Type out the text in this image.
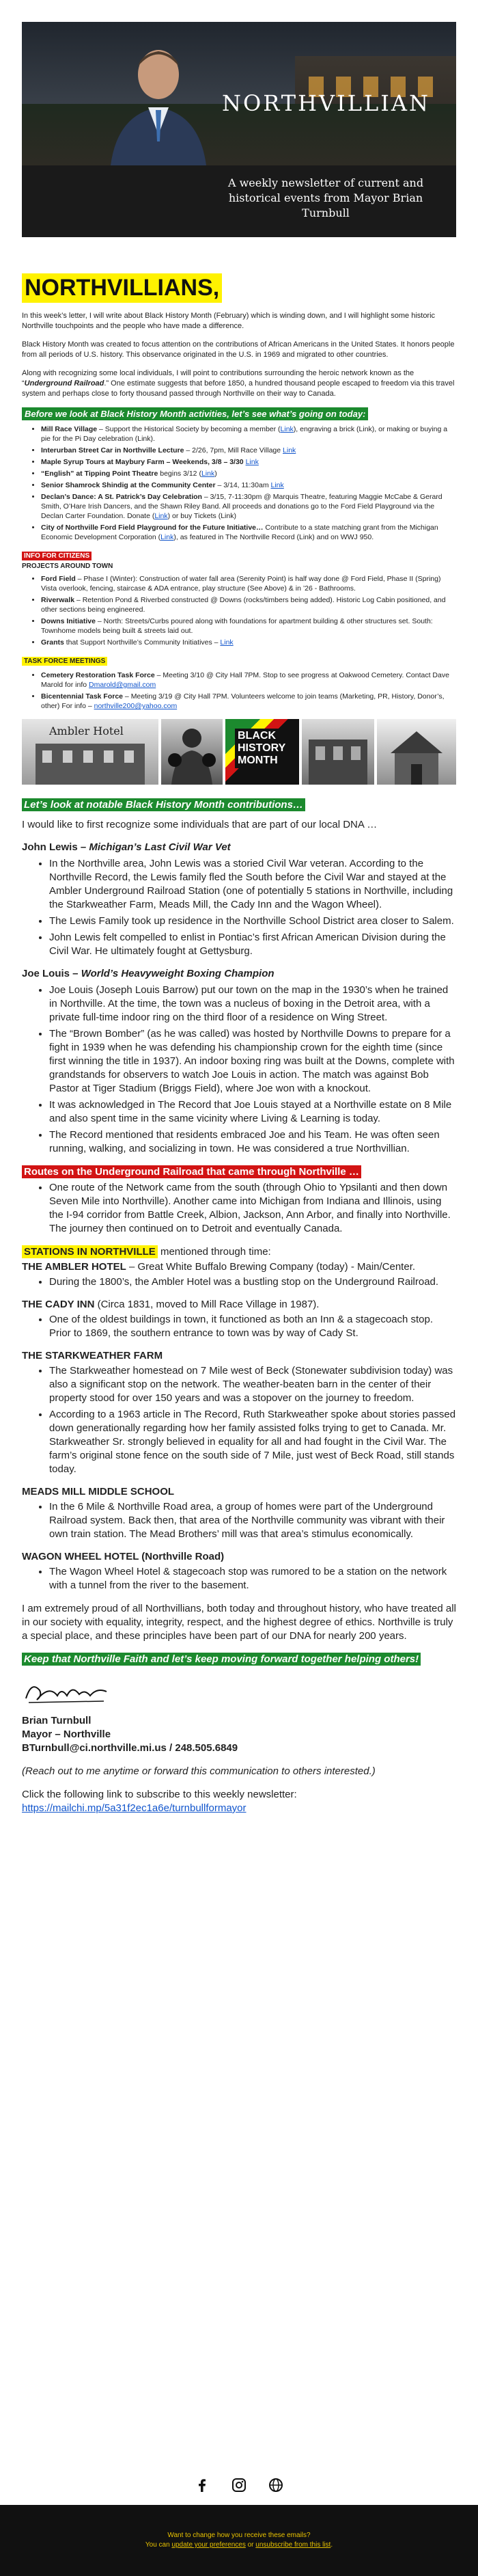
NORTHVILLIAN
A weekly newsletter of current and historical events from Mayor Brian Turnbull
NORTHVILLIANS,

In this week’s letter, I will write about Black History Month (February) which is winding down, and I will highlight some historic Northville touchpoints and the people who have made a difference.

Black History Month was created to focus attention on the contributions of African Americans in the United States. It honors people from all periods of U.S. history. This observance originated in the U.S. in 1969 and migrated to other countries.

Along with recognizing some local individuals, I will point to contributions surrounding the heroic network known as the “Underground Railroad.” One estimate suggests that before 1850, a hundred thousand people escaped to freedom via this travel system and perhaps close to forty thousand passed through Northville on their way to Canada.

Before we look at Black History Month activities, let’s see what’s going on today:
• Mill Race Village – Support the Historical Society by becoming a member (Link), engraving a brick (Link), or making or buying a pie for the Pi Day celebration (Link).
• Interurban Street Car in Northville Lecture – 2/26, 7pm, Mill Race Village Link
• Maple Syrup Tours at Maybury Farm – Weekends, 3/8 – 3/30 Link
• “English” at Tipping Point Theatre begins 3/12 (Link)
• Senior Shamrock Shindig at the Community Center – 3/14, 11:30am Link
• Declan’s Dance: A St. Patrick’s Day Celebration – 3/15, 7-11:30pm @ Marquis Theatre, featuring Maggie McCabe & Gerard Smith, O’Hare Irish Dancers, and the Shawn Riley Band. All proceeds and donations go to the Ford Field Playground via the Declan Carter Foundation. Donate (Link) or buy Tickets (Link)
• City of Northville Ford Field Playground for the Future Initiative… Contribute to a state matching grant from the Michigan Economic Development Corporation (Link), as featured in The Northville Record (Link) and on WWJ 950.
INFO FOR CITIZENS
PROJECTS AROUND TOWN
• Ford Field – Phase I (Winter): Construction of water fall area (Serenity Point) is half way done @ Ford Field, Phase II (Spring) Vista overlook, fencing, staircase & ADA entrance, play structure (See Above) & in ’26 - Bathrooms.
• Riverwalk – Retention Pond & Riverbed constructed @ Downs (rocks/timbers being added). Historic Log Cabin positioned, and other sections being engineered.
• Downs Initiative – North: Streets/Curbs poured along with foundations for apartment building & other structures set. South: Townhome models being built & streets laid out.
• Grants that Support Northville’s Community Initiatives – Link
TASK FORCE MEETINGS
• Cemetery Restoration Task Force – Meeting 3/10 @ City Hall 7PM. Stop to see progress at Oakwood Cemetery. Contact Dave Marold for info Dmarold@gmail.com
• Bicentennial Task Force – Meeting 3/19 @ City Hall 7PM. Volunteers welcome to join teams (Marketing, PR, History, Donor’s, other) For info – northville200@yahoo.com
Ambler Hotel	BLACK
HISTORY
MONTH
Let’s look at notable Black History Month contributions…

I would like to first recognize some individuals that are part of our local DNA …

John Lewis – Michigan’s Last Civil War Vet
• In the Northville area, John Lewis was a storied Civil War veteran. According to the Northville Record, the Lewis family fled the South before the Civil War and stayed at the Ambler Underground Railroad Station (one of potentially 5 stations in Northville, including the Starkweather Farm, Meads Mill, the Cady Inn and the Wagon Wheel).
• The Lewis Family took up residence in the Northville School District area closer to Salem.
• John Lewis felt compelled to enlist in Pontiac’s first African American Division during the Civil War. He ultimately fought at Gettysburg.
Joe Louis – World’s Heavyweight Boxing Champion
• Joe Louis (Joseph Louis Barrow) put our town on the map in the 1930’s when he trained in Northville. At the time, the town was a nucleus of boxing in the Detroit area, with a private full-time indoor ring on the third floor of a residence on Wing Street.
• The “Brown Bomber” (as he was called) was hosted by Northville Downs to prepare for a fight in 1939 when he was defending his championship crown for the eighth time (since first winning the title in 1937). An indoor boxing ring was built at the Downs, complete with grandstands for observers to watch Joe Louis in action. The match was against Bob Pastor at Tiger Stadium (Briggs Field), where Joe won with a knockout.
• It was acknowledged in The Record that Joe Louis stayed at a Northville estate on 8 Mile and also spent time in the same vicinity where Living & Learning is today.
• The Record mentioned that residents embraced Joe and his Team. He was often seen running, walking, and socializing in town. He was considered a true Northvillian.
Routes on the Underground Railroad that came through Northville …
• One route of the Network came from the south (through Ohio to Ypsilanti and then down Seven Mile into Northville). Another came into Michigan from Indiana and Illinois, using the I-94 corridor from Battle Creek, Albion, Jackson, Ann Arbor, and finally into Northville. The journey then continued on to Detroit and eventually Canada.
STATIONS IN NORTHVILLE mentioned through time:
THE AMBLER HOTEL – Great White Buffalo Brewing Company (today) - Main/Center.
• During the 1800’s, the Ambler Hotel was a bustling stop on the Underground Railroad.
THE CADY INN (Circa 1831, moved to Mill Race Village in 1987).
• One of the oldest buildings in town, it functioned as both an Inn & a stagecoach stop. Prior to 1869, the southern entrance to town was by way of Cady St.
THE STARKWEATHER FARM
• The Starkweather homestead on 7 Mile west of Beck (Stonewater subdivision today) was also a significant stop on the network. The weather-beaten barn in the center of their property stood for over 150 years and was a stopover on the journey to freedom.
• According to a 1963 article in The Record, Ruth Starkweather spoke about stories passed down generationally regarding how her family assisted folks trying to get to Canada. Mr. Starkweather Sr. strongly believed in equality for all and had fought in the Civil War. The farm’s original stone fence on the south side of 7 Mile, just west of Beck Road, still stands today.
MEADS MILL MIDDLE SCHOOL
• In the 6 Mile & Northville Road area, a group of homes were part of the Underground Railroad system. Back then, that area of the Northville community was vibrant with their own train station. The Mead Brothers’ mill was that area’s stimulus economically.
WAGON WHEEL HOTEL (Northville Road)
• The Wagon Wheel Hotel & stagecoach stop was rumored to be a station on the network with a tunnel from the river to the basement.

I am extremely proud of all Northvillians, both today and throughout history, who have treated all in our society with equality, integrity, respect, and the highest degree of ethics. Northville is truly a special place, and these principles have been part of our DNA for nearly 200 years.

Keep that Northville Faith and let’s keep moving forward together helping others!
Brian Turnbull
Mayor – Northville
BTurnbull@ci.northville.mi.us / 248.505.6849

(Reach out to me anytime or forward this communication to others interested.)

Click the following link to subscribe to this weekly newsletter:
https://mailchi.mp/5a31f2ec1a6e/turnbullformayor

Want to change how you receive these emails?
You can update your preferences or unsubscribe from this list.
